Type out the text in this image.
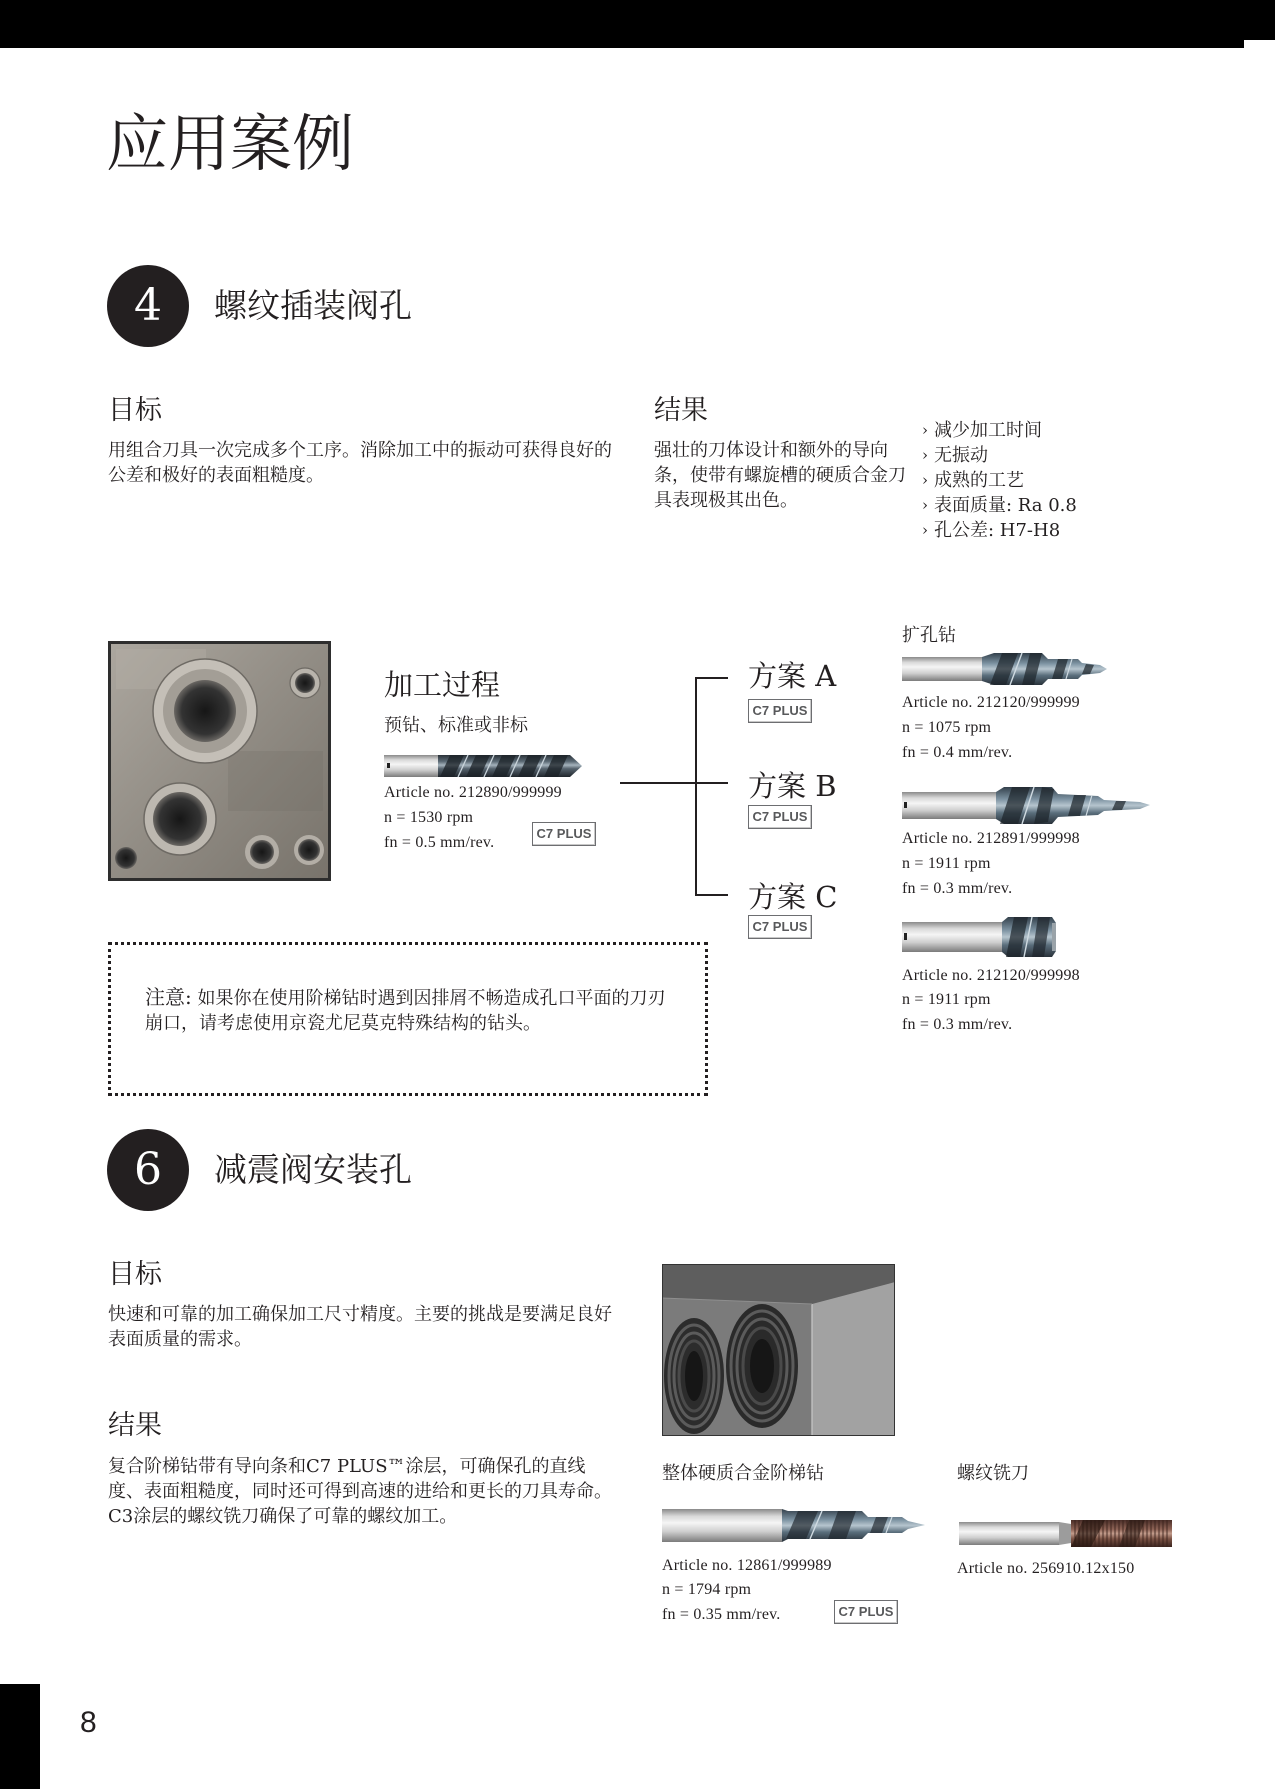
应用案例
4	螺纹插装阀孔
目标

用组合刀具一次完成多个工序。消除加工中的振动可获得良好的公差和极好的表面粗糙度。

结果

强壮的刀体设计和额外的导向条，使带有螺旋槽的硬质合金刀具表现极其出色。

› 减少加工时间
› 无振动
› 成熟的工艺
› 表面质量: Ra 0.8
› 孔公差: H7-H8
加工过程
预钻、标准或非标
Article no. 212890/999999
n = 1530 rpm
fn = 0.5 mm/rev.
C7 PLUS
方案 A
C7 PLUS
方案 B
C7 PLUS
方案 C
C7 PLUS
扩孔钻
Article no. 212120/999999
n = 1075 rpm
fn = 0.4 mm/rev.
Article no. 212891/999998
n = 1911 rpm
fn = 0.3 mm/rev.
Article no. 212120/999998
n = 1911 rpm
fn = 0.3 mm/rev.

注意: 如果你在使用阶梯钻时遇到因排屑不畅造成孔口平面的刀刃崩口，请考虑使用京瓷尤尼莫克特殊结构的钻头。

6	减震阀安装孔
目标

快速和可靠的加工确保加工尺寸精度。主要的挑战是要满足良好表面质量的需求。

结果

复合阶梯钻带有导向条和C7 PLUS™涂层，可确保孔的直线度、表面粗糙度，同时还可得到高速的进给和更长的刀具寿命。C3涂层的螺纹铣刀确保了可靠的螺纹加工。

整体硬质合金阶梯钻
Article no. 12861/999989
n = 1794 rpm
fn = 0.35 mm/rev.	C7 PLUS
螺纹铣刀
Article no. 256910.12x150
8
